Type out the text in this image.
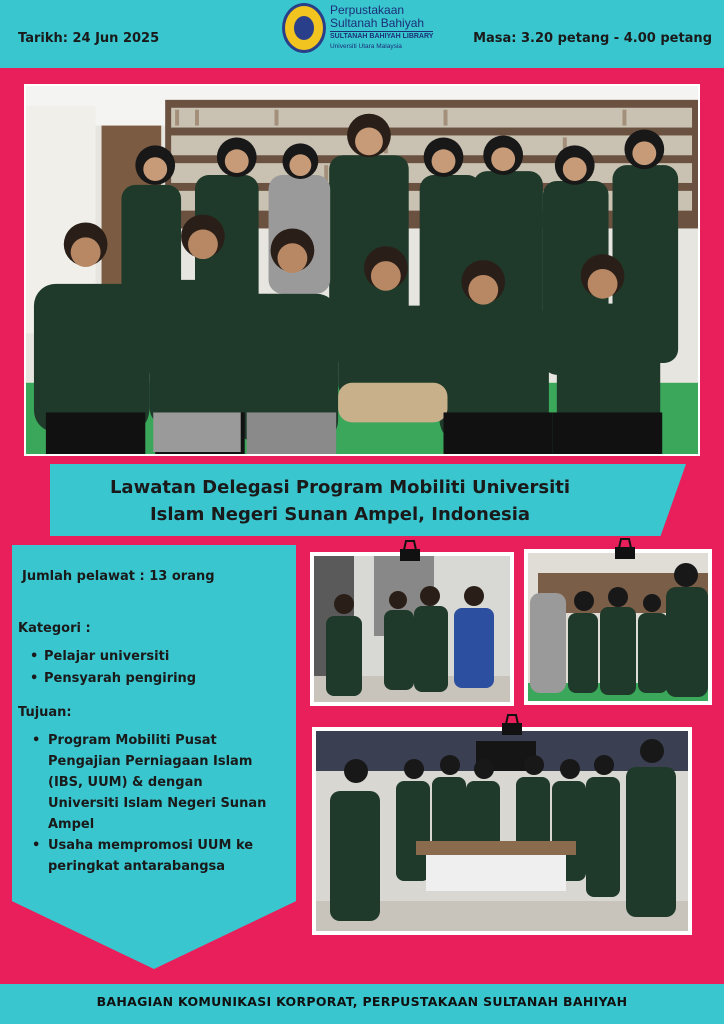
Tarikh: 24 Jun 2025	Masa: 3.20 petang - 4.00 petang
Perpustakaan
Sultanah Bahiyah
SULTANAH BAHIYAH LIBRARY
Universiti Utara Malaysia
Lawatan Delegasi Program Mobiliti Universiti
Islam Negeri Sunan Ampel, Indonesia
Jumlah pelawat : 13 orang
Kategori :
• Pelajar universiti
• Pensyarah pengiring
Tujuan:
• Program Mobiliti Pusat Pengajian Perniagaan Islam (IBS, UUM) & dengan Universiti Islam Negeri Sunan Ampel
• Usaha mempromosi UUM ke peringkat antarabangsa
BAHAGIAN KOMUNIKASI KORPORAT, PERPUSTAKAAN SULTANAH BAHIYAH
